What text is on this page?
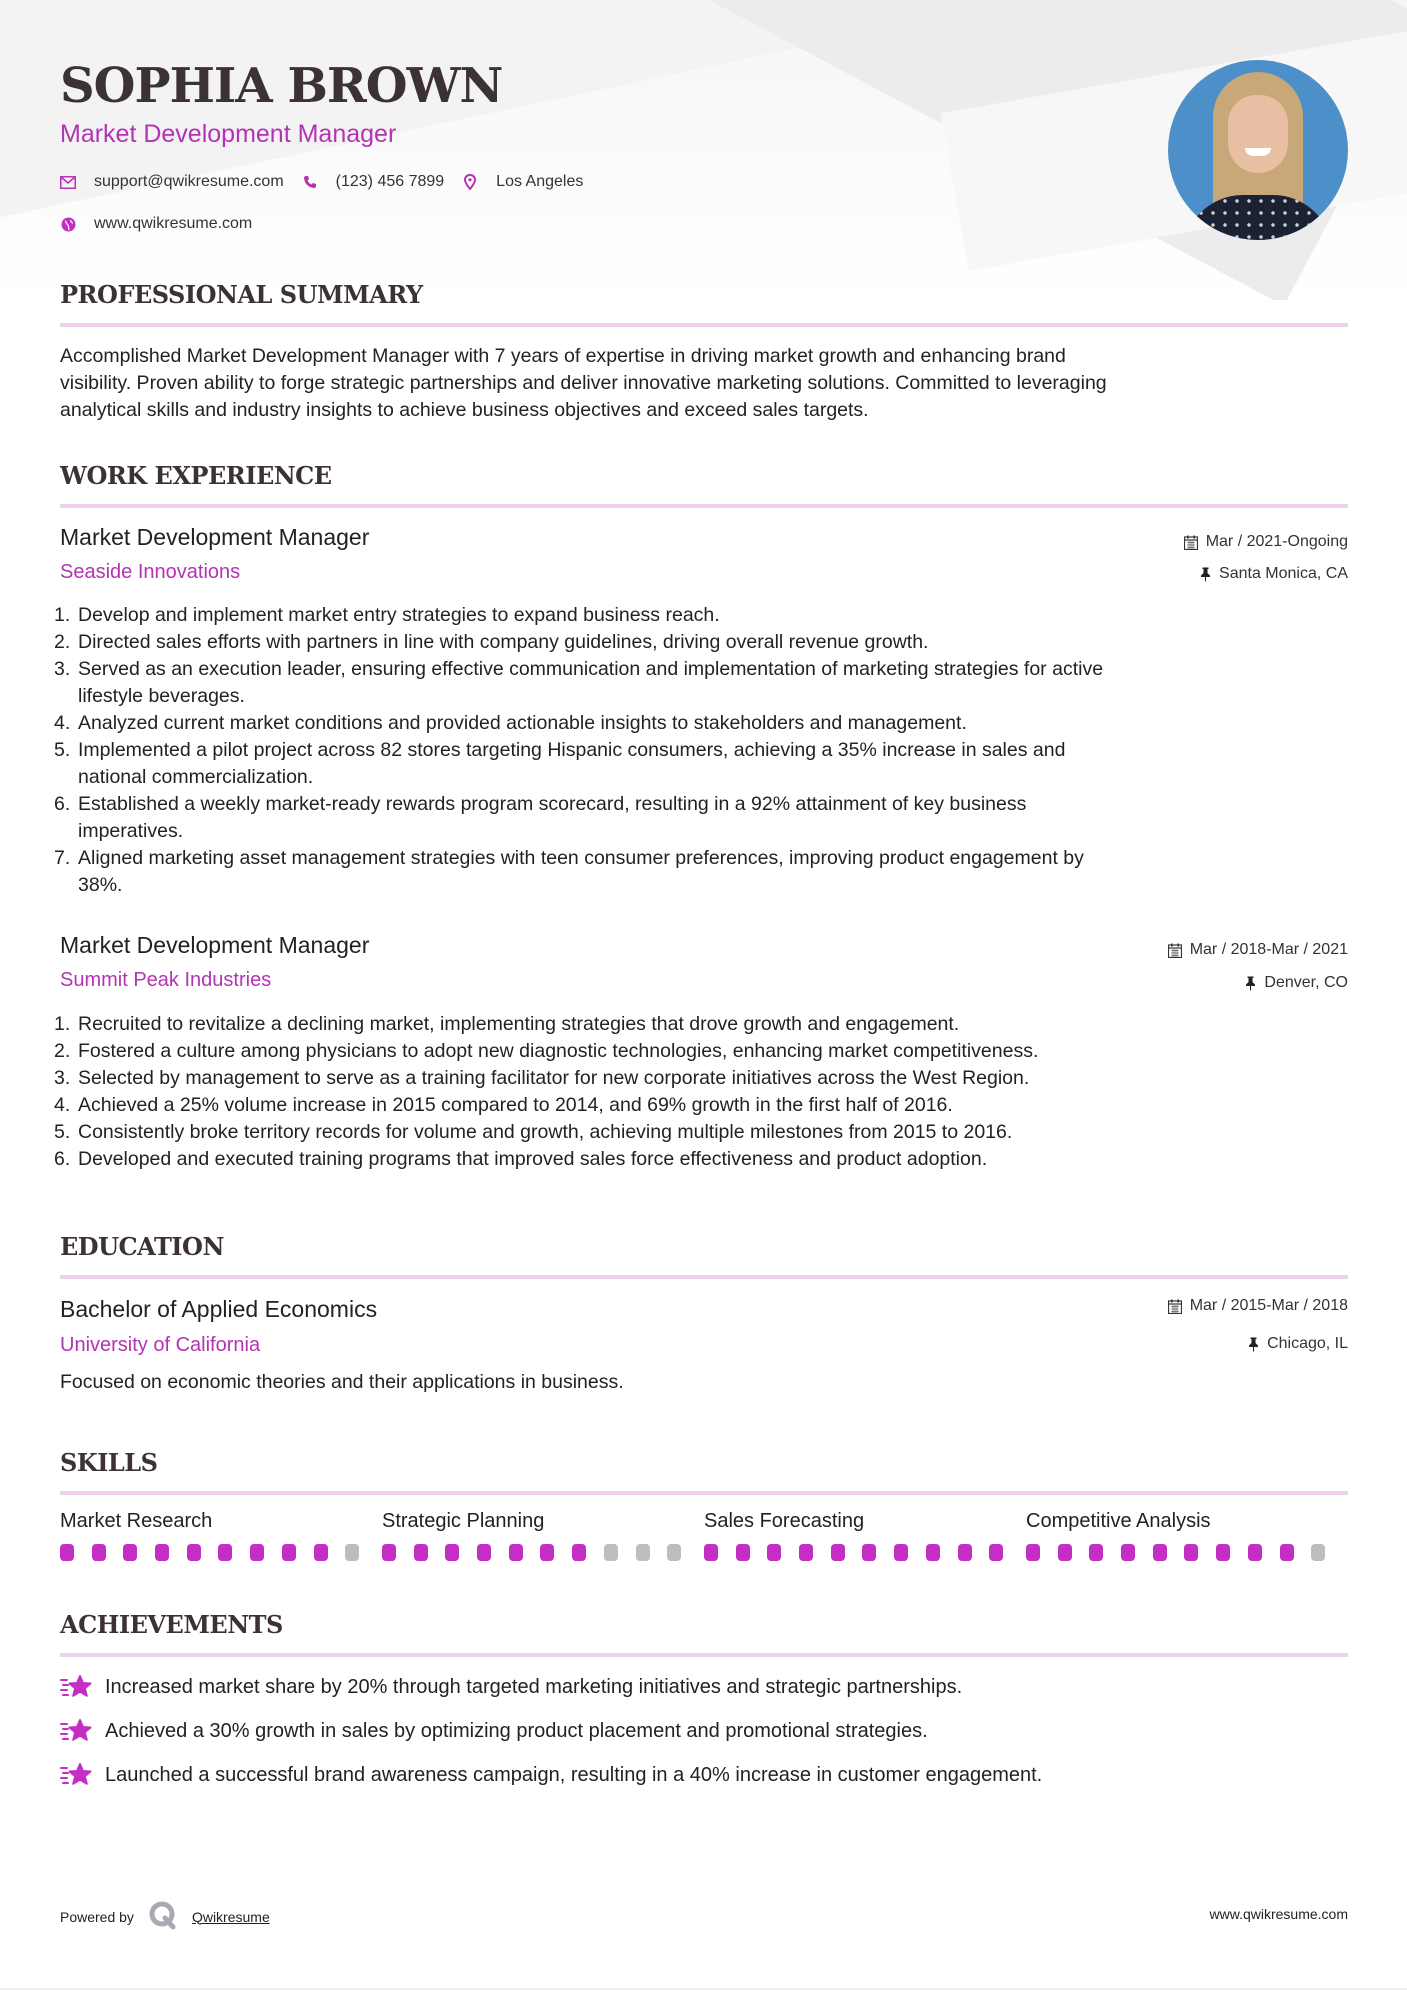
SOPHIA BROWN
Market Development Manager
support@qwikresume.com	(123) 456 7899	Los Angeles
www.qwikresume.com
PROFESSIONAL SUMMARY
Accomplished Market Development Manager with 7 years of expertise in driving market growth and enhancing brand
visibility. Proven ability to forge strategic partnerships and deliver innovative marketing solutions. Committed to leveraging
analytical skills and industry insights to achieve business objectives and exceed sales targets.
WORK EXPERIENCE
Market Development Manager
Seaside Innovations
Mar / 2021-Ongoing
Santa Monica, CA
1. Develop and implement market entry strategies to expand business reach.
2. Directed sales efforts with partners in line with company guidelines, driving overall revenue growth.
3. Served as an execution leader, ensuring effective communication and implementation of marketing strategies for active
lifestyle beverages.
4. Analyzed current market conditions and provided actionable insights to stakeholders and management.
5. Implemented a pilot project across 82 stores targeting Hispanic consumers, achieving a 35% increase in sales and
national commercialization.
6. Established a weekly market-ready rewards program scorecard, resulting in a 92% attainment of key business
imperatives.
7. Aligned marketing asset management strategies with teen consumer preferences, improving product engagement by
38%.
Market Development Manager
Summit Peak Industries
Mar / 2018-Mar / 2021
Denver, CO
1. Recruited to revitalize a declining market, implementing strategies that drove growth and engagement.
2. Fostered a culture among physicians to adopt new diagnostic technologies, enhancing market competitiveness.
3. Selected by management to serve as a training facilitator for new corporate initiatives across the West Region.
4. Achieved a 25% volume increase in 2015 compared to 2014, and 69% growth in the first half of 2016.
5. Consistently broke territory records for volume and growth, achieving multiple milestones from 2015 to 2016.
6. Developed and executed training programs that improved sales force effectiveness and product adoption.
EDUCATION
Bachelor of Applied Economics
University of California
Focused on economic theories and their applications in business.
Mar / 2015-Mar / 2018
Chicago, IL
SKILLS
Market Research	Strategic Planning	Sales Forecasting	Competitive Analysis
ACHIEVEMENTS
Increased market share by 20% through targeted marketing initiatives and strategic partnerships.
Achieved a 30% growth in sales by optimizing product placement and promotional strategies.
Launched a successful brand awareness campaign, resulting in a 40% increase in customer engagement.
Powered by	Qwikresume	www.qwikresume.com
